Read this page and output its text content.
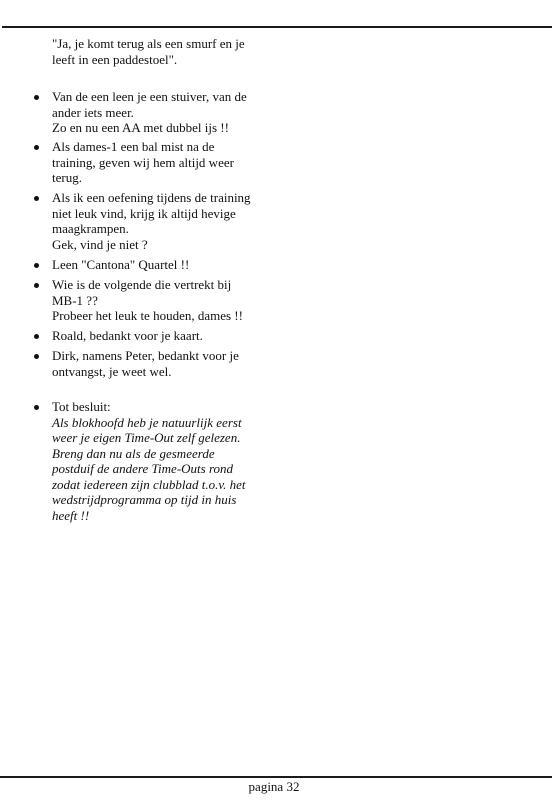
"Ja, je komt terug als een smurf en je
leeft in een paddestoel".
Van de een leen je een stuiver, van de
ander iets meer.
Zo en nu een AA met dubbel ijs !!
Als dames-1 een bal mist na de
training, geven wij hem altijd weer
terug.
Als ik een oefening tijdens de training
niet leuk vind, krijg ik altijd hevige
maagkrampen.
Gek, vind je niet ?
Leen "Cantona" Quartel !!
Wie is de volgende die vertrekt bij
MB-1 ??
Probeer het leuk te houden, dames !!
Roald, bedankt voor je kaart.
Dirk, namens Peter, bedankt voor je
ontvangst, je weet wel.
Tot besluit:
Als blokhoofd heb je natuurlijk eerst
weer je eigen Time-Out zelf gelezen.
Breng dan nu als de gesmeerde
postduif de andere Time-Outs rond
zodat iedereen zijn clubblad t.o.v. het
wedstrijdprogramma op tijd in huis
heeft !!
pagina 32
